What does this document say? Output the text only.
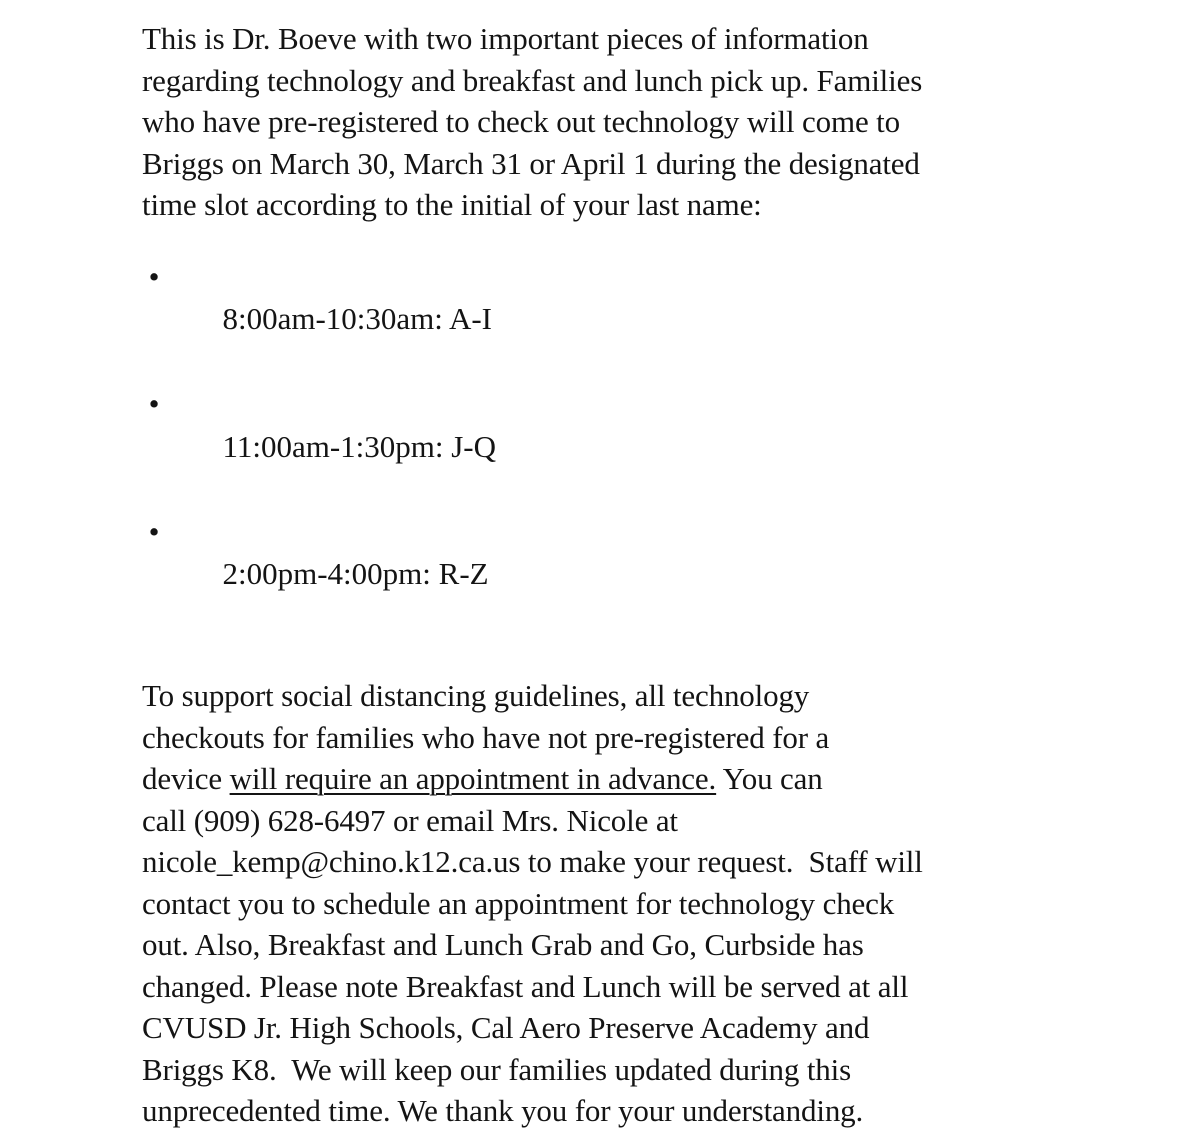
This is Dr. Boeve with two important pieces of information
regarding technology and breakfast and lunch pick up. Families
who have pre-registered to check out technology will come to
Briggs on March 30, March 31 or April 1 during the designated
time slot according to the initial of your last name:

•
8:00am-10:30am: A-I

•
11:00am-1:30pm: J-Q

•
2:00pm-4:00pm: R-Z

To support social distancing guidelines, all technology
checkouts for families who have not pre-registered for a
device will require an appointment in advance. You can
call (909) 628-6497 or email Mrs. Nicole at
nicole_kemp@chino.k12.ca.us to make your request.  Staff will
contact you to schedule an appointment for technology check
out. Also, Breakfast and Lunch Grab and Go, Curbside has
changed. Please note Breakfast and Lunch will be served at all
CVUSD Jr. High Schools, Cal Aero Preserve Academy and
Briggs K8.  We will keep our families updated during this
unprecedented time. We thank you for your understanding.
